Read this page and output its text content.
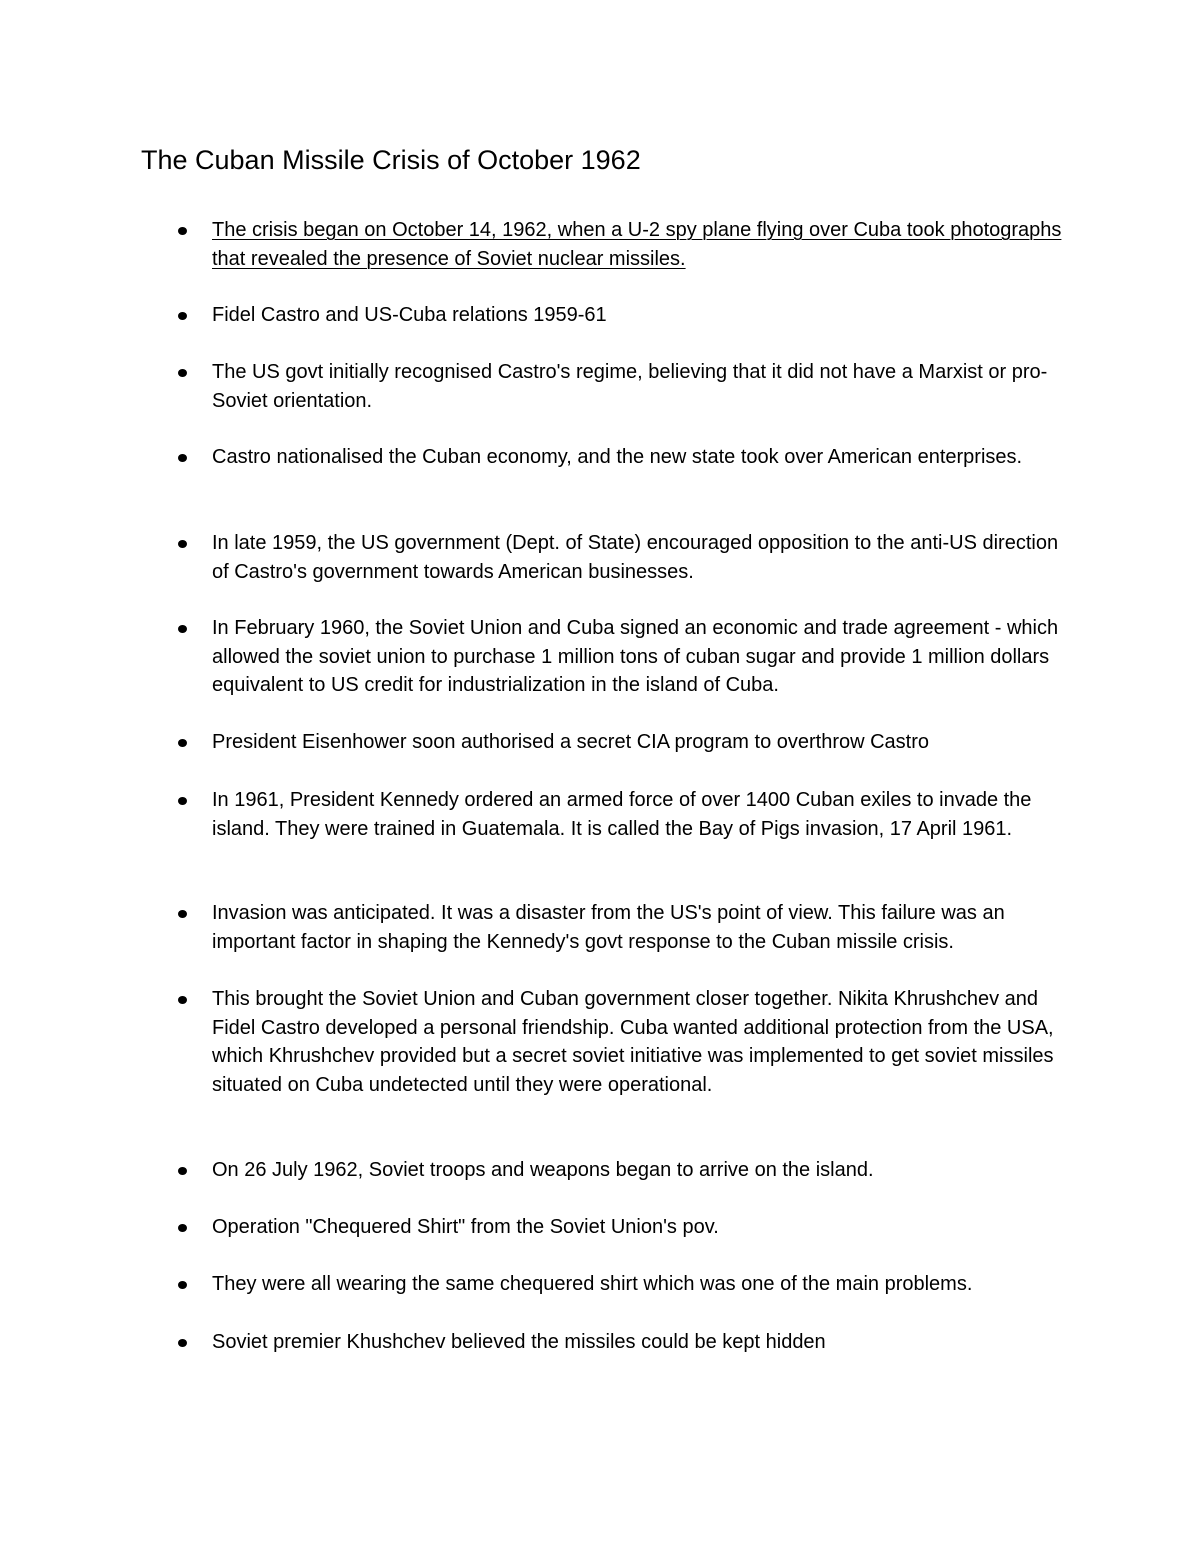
The Cuban Missile Crisis of October 1962
The crisis began on October 14, 1962, when a U-2 spy plane flying over Cuba took photographs that revealed the presence of Soviet nuclear missiles.
Fidel Castro and US-Cuba relations 1959-61
The US govt initially recognised Castro's regime, believing that it did not have a Marxist or pro-Soviet orientation.
Castro nationalised the Cuban economy, and the new state took over American enterprises.
In late 1959, the US government (Dept. of State) encouraged opposition to the anti-US direction of Castro's government towards American businesses.
In February 1960, the Soviet Union and Cuba signed an economic and trade agreement - which allowed the soviet union to purchase 1 million tons of cuban sugar and provide 1 million dollars equivalent to US credit for industrialization in the island of Cuba.
President Eisenhower soon authorised a secret CIA program to overthrow Castro
In 1961, President Kennedy ordered an armed force of over 1400 Cuban exiles to invade the island. They were trained in Guatemala. It is called the Bay of Pigs invasion, 17 April 1961.
Invasion was anticipated. It was a disaster from the US's point of view. This failure was an important factor in shaping the Kennedy's govt response to the Cuban missile crisis.
This brought the Soviet Union and Cuban government closer together. Nikita Khrushchev and Fidel Castro developed a personal friendship. Cuba wanted additional protection from the USA, which Khrushchev provided but a secret soviet initiative was implemented to get soviet missiles situated on Cuba undetected until they were operational.
On 26 July 1962, Soviet troops and weapons began to arrive on the island.
Operation "Chequered Shirt" from the Soviet Union's pov.
They were all wearing the same chequered shirt which was one of the main problems.
Soviet premier Khushchev believed the missiles could be kept hidden
